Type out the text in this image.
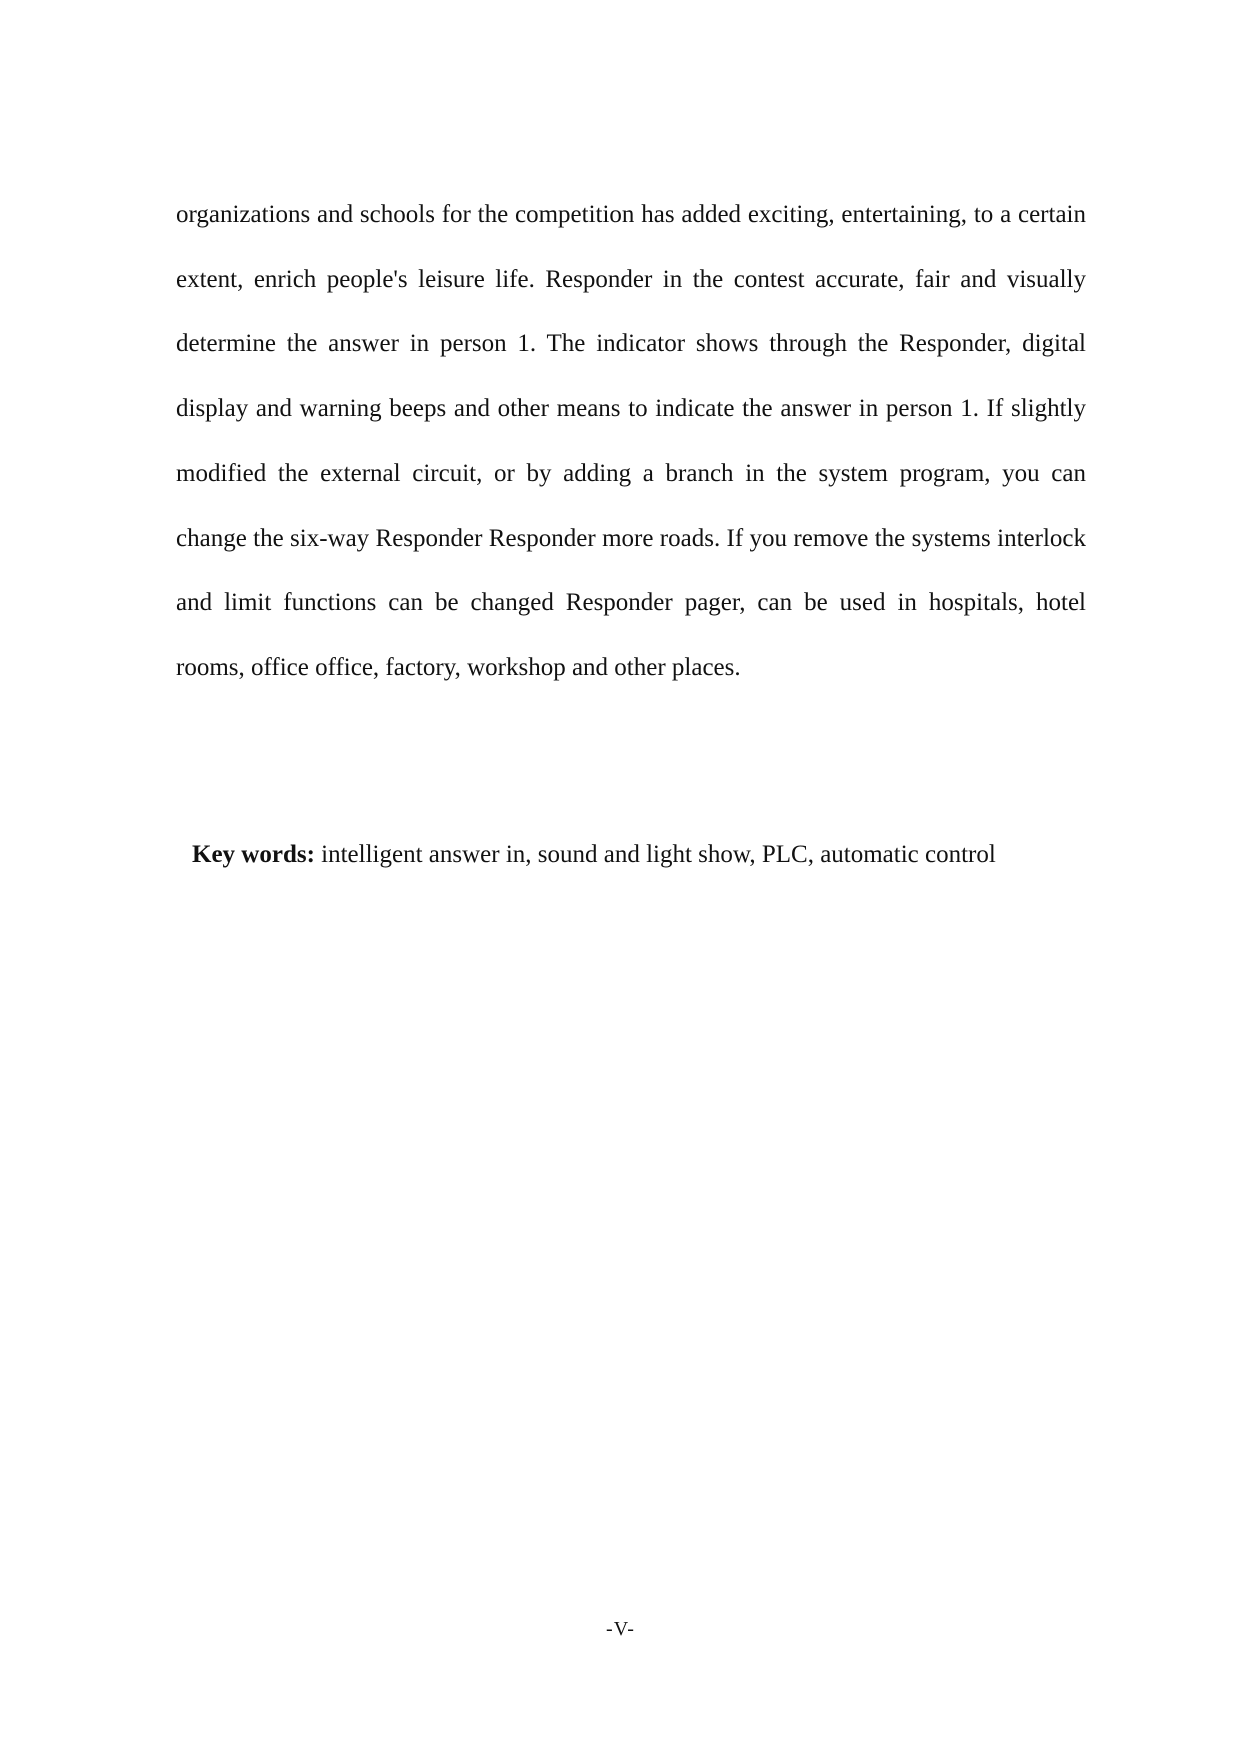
organizations and schools for the competition has added exciting, entertaining, to a certain extent, enrich people's leisure life. Responder in the contest accurate, fair and visually determine the answer in person 1. The indicator shows through the Responder, digital display and warning beeps and other means to indicate the answer in person 1. If slightly modified the external circuit, or by adding a branch in the system program, you can change the six-way Responder Responder more roads. If you remove the systems interlock and limit functions can be changed Responder pager, can be used in hospitals, hotel rooms, office office, factory, workshop and other places.

Key words: intelligent answer in, sound and light show, PLC, automatic control

-V-
